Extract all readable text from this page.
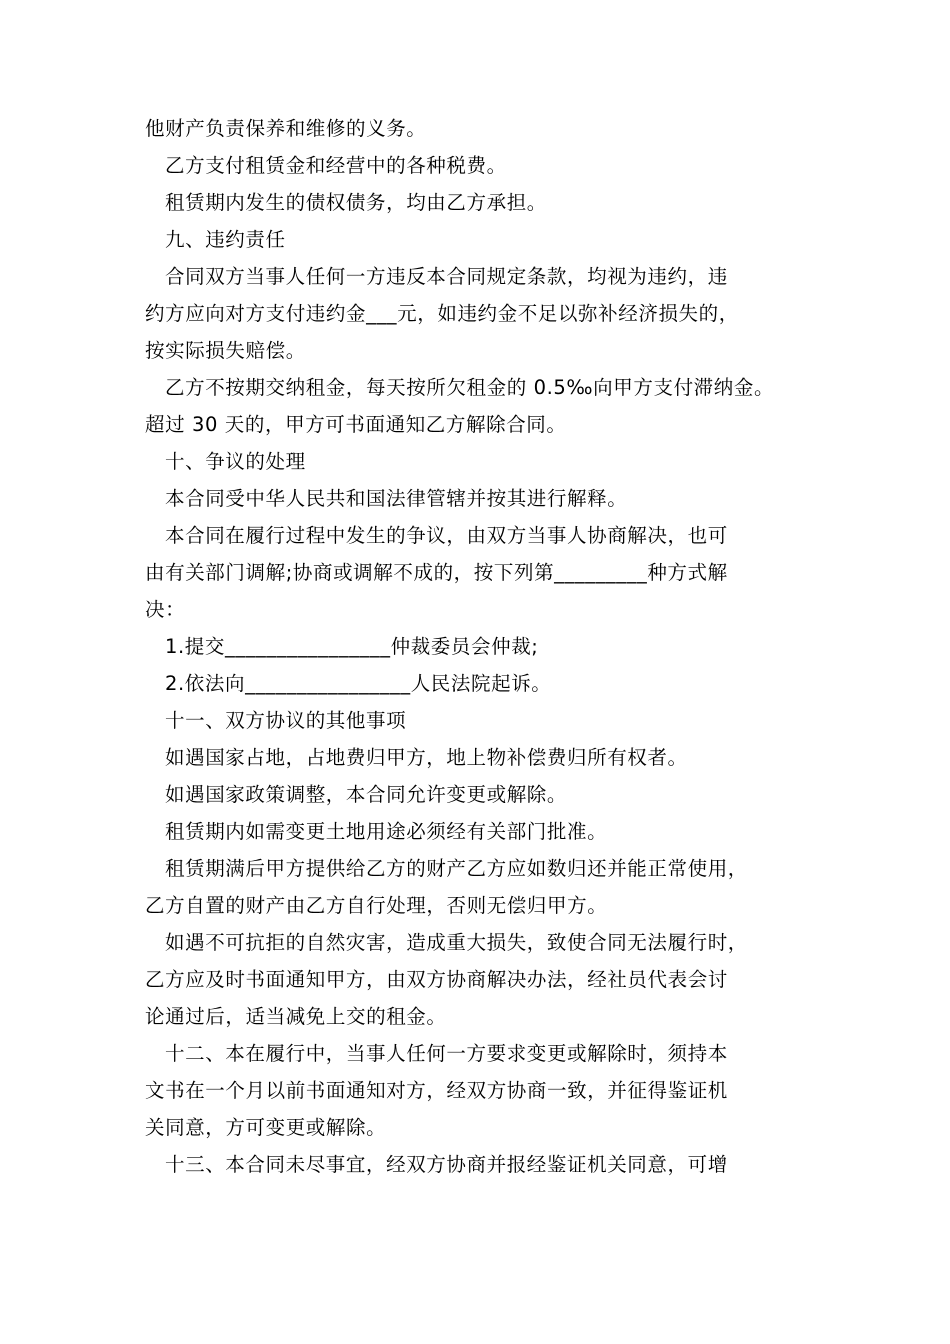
他财产负责保养和维修的义务。
乙方支付租赁金和经营中的各种税费。
租赁期内发生的债权债务，均由乙方承担。
九、违约责任
合同双方当事人任何一方违反本合同规定条款，均视为违约，违
约方应向对方支付违约金___元，如违约金不足以弥补经济损失的，
按实际损失赔偿。
乙方不按期交纳租金，每天按所欠租金的 0.5‰向甲方支付滞纳金。
超过 30 天的，甲方可书面通知乙方解除合同。
十、争议的处理
本合同受中华人民共和国法律管辖并按其进行解释。
本合同在履行过程中发生的争议，由双方当事人协商解决，也可
由有关部门调解;协商或调解不成的，按下列第_________种方式解
决：
1.提交________________仲裁委员会仲裁;
2.依法向________________人民法院起诉。
十一、双方协议的其他事项
如遇国家占地，占地费归甲方，地上物补偿费归所有权者。
如遇国家政策调整，本合同允许变更或解除。
租赁期内如需变更土地用途必须经有关部门批准。
租赁期满后甲方提供给乙方的财产乙方应如数归还并能正常使用，
乙方自置的财产由乙方自行处理，否则无偿归甲方。
如遇不可抗拒的自然灾害，造成重大损失，致使合同无法履行时，
乙方应及时书面通知甲方，由双方协商解决办法，经社员代表会讨
论通过后，适当减免上交的租金。
十二、本在履行中，当事人任何一方要求变更或解除时，须持本
文书在一个月以前书面通知对方，经双方协商一致，并征得鉴证机
关同意，方可变更或解除。
十三、本合同未尽事宜，经双方协商并报经鉴证机关同意，可增
